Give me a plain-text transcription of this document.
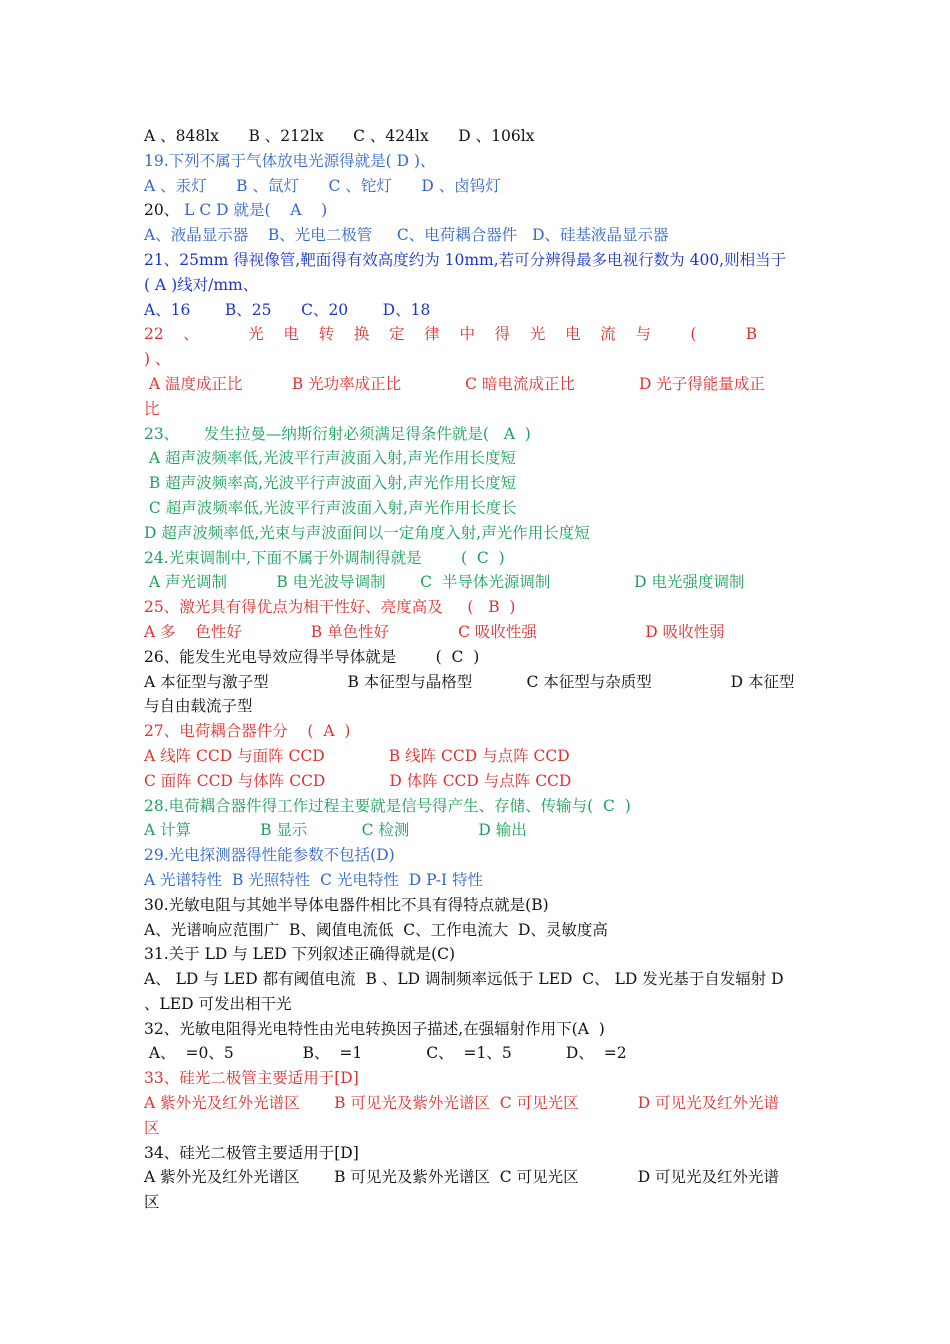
A 、848lx      B 、212lx      C 、424lx      D 、106lx
19.下列不属于气体放电光源得就是( D )、
A 、汞灯      B 、氙灯      C 、铊灯      D 、卤钨灯
20、 L C D 就是(    A    )
A、液晶显示器    B、光电二极管     C、电荷耦合器件   D、硅基液晶显示器
21、25mm 得视像管,靶面得有效高度约为 10mm,若可分辨得最多电视行数为 400,则相当于
( A )线对/mm、
A、16       B、25      C、20       D、18
22    、          光    电    转    换    定    律    中    得    光    电    流    与        (          B
) 、
A 温度成正比          B 光功率成正比             C 暗电流成正比             D 光子得能量成正
比
23、     发生拉曼—纳斯衍射必须满足得条件就是(   A  )
A 超声波频率低,光波平行声波面入射,声光作用长度短
B 超声波频率高,光波平行声波面入射,声光作用长度短
C 超声波频率低,光波平行声波面入射,声光作用长度长
D 超声波频率低,光束与声波面间以一定角度入射,声光作用长度短
24.光束调制中,下面不属于外调制得就是        (  C  )
A 声光调制          B 电光波导调制       C  半导体光源调制                 D 电光强度调制
25、激光具有得优点为相干性好、亮度高及     (   B  )
A 多    色性好              B 单色性好              C 吸收性强                      D 吸收性弱
26、能发生光电导效应得半导体就是        (  C  )
A 本征型与激子型                B 本征型与晶格型           C 本征型与杂质型                D 本征型
与自由载流子型
27、电荷耦合器件分    (  A  )
A 线阵 CCD 与面阵 CCD             B 线阵 CCD 与点阵 CCD
C 面阵 CCD 与体阵 CCD             D 体阵 CCD 与点阵 CCD
28.电荷耦合器件得工作过程主要就是信号得产生、存储、传输与(  C  )
A 计算              B 显示           C 检测              D 输出
29.光电探测器得性能参数不包括(D)
A 光谱特性  B 光照特性  C 光电特性  D P-I 特性
30.光敏电阻与其她半导体电器件相比不具有得特点就是(B)
A、光谱响应范围广  B、阈值电流低  C、工作电流大  D、灵敏度高
31.关于 LD 与 LED 下列叙述正确得就是(C)
A、 LD 与 LED 都有阈值电流  B 、LD 调制频率远低于 LED  C、 LD 发光基于自发辐射 D
、LED 可发出相干光
32、光敏电阻得光电特性由光电转换因子描述,在强辐射作用下(A  )
A、  =0、5              B、  =1             C、  =1、5           D、  =2
33、硅光二极管主要适用于[D]
A 紫外光及红外光谱区       B 可见光及紫外光谱区  C 可见光区            D 可见光及红外光谱
区
34、硅光二极管主要适用于[D]
A 紫外光及红外光谱区       B 可见光及紫外光谱区  C 可见光区            D 可见光及红外光谱
区
